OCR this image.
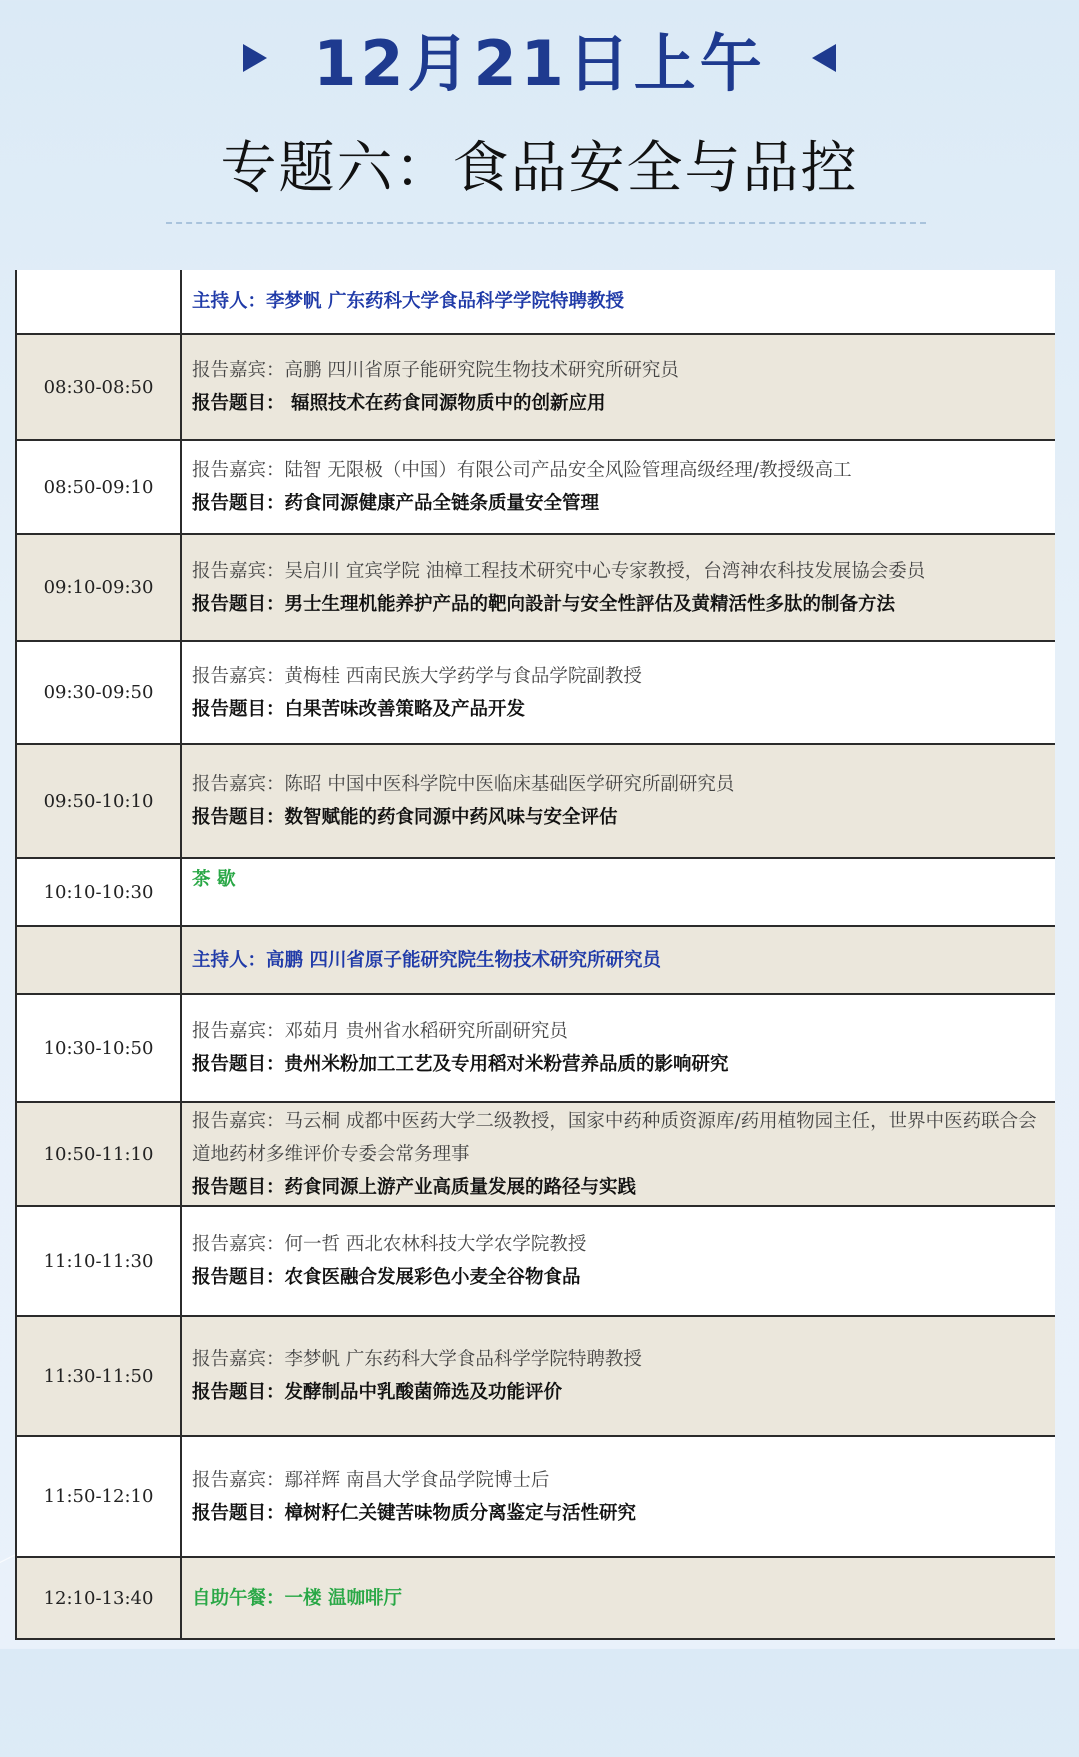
12月21日上午
专题六：食品安全与品控

	主持人：李梦帆 广东药科大学食品科学学院特聘教授

08:30-08:50	报告嘉宾：高鹏 四川省原子能研究院生物技术研究所研究员
报告题目： 辐照技术在药食同源物质中的创新应用

08:50-09:10	报告嘉宾：陆智 无限极（中国）有限公司产品安全风险管理高级经理/教授级高工
报告题目：药食同源健康产品全链条质量安全管理

09:10-09:30	报告嘉宾：吴启川 宜宾学院 油樟工程技术研究中心专家教授，台湾神农科技发展協会委员
报告题目：男士生理机能养护产品的靶向設計与安全性評估及黄精活性多肽的制备方法

09:30-09:50	报告嘉宾：黄梅桂 西南民族大学药学与食品学院副教授
报告题目：白果苦味改善策略及产品开发

09:50-10:10	报告嘉宾：陈昭 中国中医科学院中医临床基础医学研究所副研究员
报告题目：数智赋能的药食同源中药风味与安全评估

10:10-10:30	茶 歇

	主持人：高鹏 四川省原子能研究院生物技术研究所研究员

10:30-10:50	报告嘉宾：邓茹月 贵州省水稻研究所副研究员
报告题目：贵州米粉加工工艺及专用稻对米粉营养品质的影响研究

10:50-11:10	报告嘉宾：马云桐 成都中医药大学二级教授，国家中药种质资源库/药用植物园主任，世界中医药联合会道地药材多维评价专委会常务理事
报告题目：药食同源上游产业高质量发展的路径与实践

11:10-11:30	报告嘉宾：何一哲 西北农林科技大学农学院教授
报告题目：农食医融合发展彩色小麦全谷物食品

11:30-11:50	报告嘉宾：李梦帆 广东药科大学食品科学学院特聘教授
报告题目：发酵制品中乳酸菌筛选及功能评价

11:50-12:10	报告嘉宾：鄢祥辉 南昌大学食品学院博士后
报告题目：樟树籽仁关键苦味物质分离鉴定与活性研究

12:10-13:40	自助午餐：一楼 温咖啡厅
